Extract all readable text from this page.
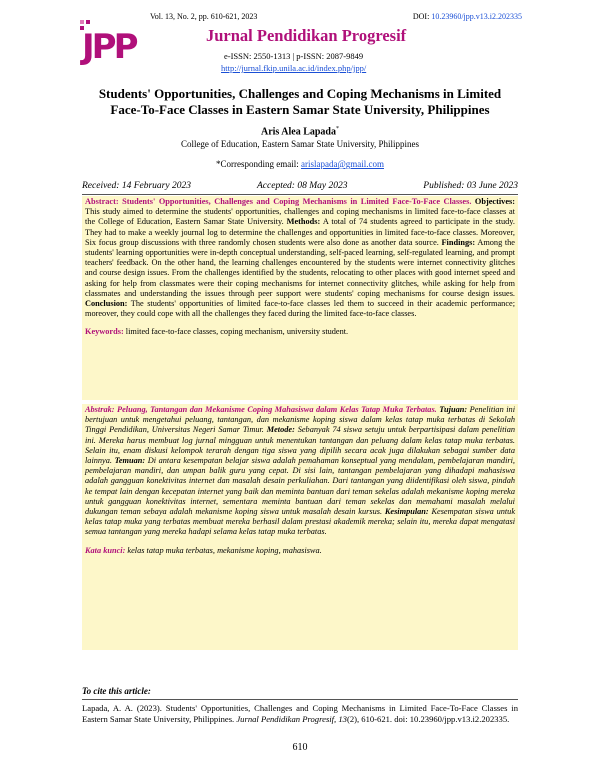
Vol. 13, No. 2, pp. 610-621, 2023	DOI: 10.23960/jpp.v13.i2.202335
JPP	Jurnal Pendidikan Progresif
e-ISSN: 2550-1313 | p-ISSN: 2087-9849
http://jurnal.fkip.unila.ac.id/index.php/jpp/
Students' Opportunities, Challenges and Coping Mechanisms in Limited
Face-To-Face Classes in Eastern Samar State University, Philippines
Aris Alea Lapada*
College of Education, Eastern Samar State University, Philippines
*Corresponding email: arislapada@gmail.com
Received: 14 February 2023	Accepted: 08 May 2023	Published: 03 June 2023

Abstract: Students' Opportunities, Challenges and Coping Mechanisms in Limited Face-To-Face Classes. Objectives: This study aimed to determine the students' opportunities, challenges and coping mechanisms in limited face-to-face classes at the College of Education, Eastern Samar State University. Methods: A total of 74 students agreed to participate in the study. They had to make a weekly journal log to determine the challenges and opportunities in limited face-to-face classes. Moreover, Six focus group discussions with three randomly chosen students were also done as another data source. Findings: Among the students' learning opportunities were in-depth conceptual understanding, self-paced learning, self-regulated learning, and prompt teachers' feedback. On the other hand, the learning challenges encountered by the students were internet connectivity glitches and course design issues. From the challenges identified by the students, relocating to other places with good internet speed and asking for help from classmates were their coping mechanisms for internet connectivity glitches, while asking for help from classmates and understanding the issues through peer support were students' coping mechanisms for course design issues. Conclusion: The students' opportunities of limited face-to-face classes led them to succeed in their academic performance; moreover, they could cope with all the challenges they faced during the limited face-to-face classes.

Keywords: limited face-to-face classes, coping mechanism, university student.

Abstrak: Peluang, Tantangan dan Mekanisme Coping Mahasiswa dalam Kelas Tatap Muka Terbatas. Tujuan: Penelitian ini bertujuan untuk mengetahui peluang, tantangan, dan mekanisme koping siswa dalam kelas tatap muka terbatas di Sekolah Tinggi Pendidikan, Universitas Negeri Samar Timur. Metode: Sebanyak 74 siswa setuju untuk berpartisipasi dalam penelitian ini. Mereka harus membuat log jurnal mingguan untuk menentukan tantangan dan peluang dalam kelas tatap muka terbatas. Selain itu, enam diskusi kelompok terarah dengan tiga siswa yang dipilih secara acak juga dilakukan sebagai sumber data lainnya. Temuan: Di antara kesempatan belajar siswa adalah pemahaman konseptual yang mendalam, pembelajaran mandiri, pembelajaran mandiri, dan umpan balik guru yang cepat. Di sisi lain, tantangan pembelajaran yang dihadapi mahasiswa adalah gangguan konektivitas internet dan masalah desain perkuliahan. Dari tantangan yang diidentifikasi oleh siswa, pindah ke tempat lain dengan kecepatan internet yang baik dan meminta bantuan dari teman sekelas adalah mekanisme koping mereka untuk gangguan konektivitas internet, sementara meminta bantuan dari teman sekelas dan memahami masalah melalui dukungan teman sebaya adalah mekanisme koping siswa untuk masalah desain kursus. Kesimpulan: Kesempatan siswa untuk kelas tatap muka yang terbatas membuat mereka berhasil dalam prestasi akademik mereka; selain itu, mereka dapat mengatasi semua tantangan yang mereka hadapi selama kelas tatap muka terbatas.

Kata kunci: kelas tatap muka terbatas, mekanisme koping, mahasiswa.

To cite this article:
Lapada, A. A. (2023). Students' Opportunities, Challenges and Coping Mechanisms in Limited Face-To-Face Classes in Eastern Samar State University, Philippines. Jurnal Pendidikan Progresif, 13(2), 610-621. doi: 10.23960/jpp.v13.i2.202335.
610
